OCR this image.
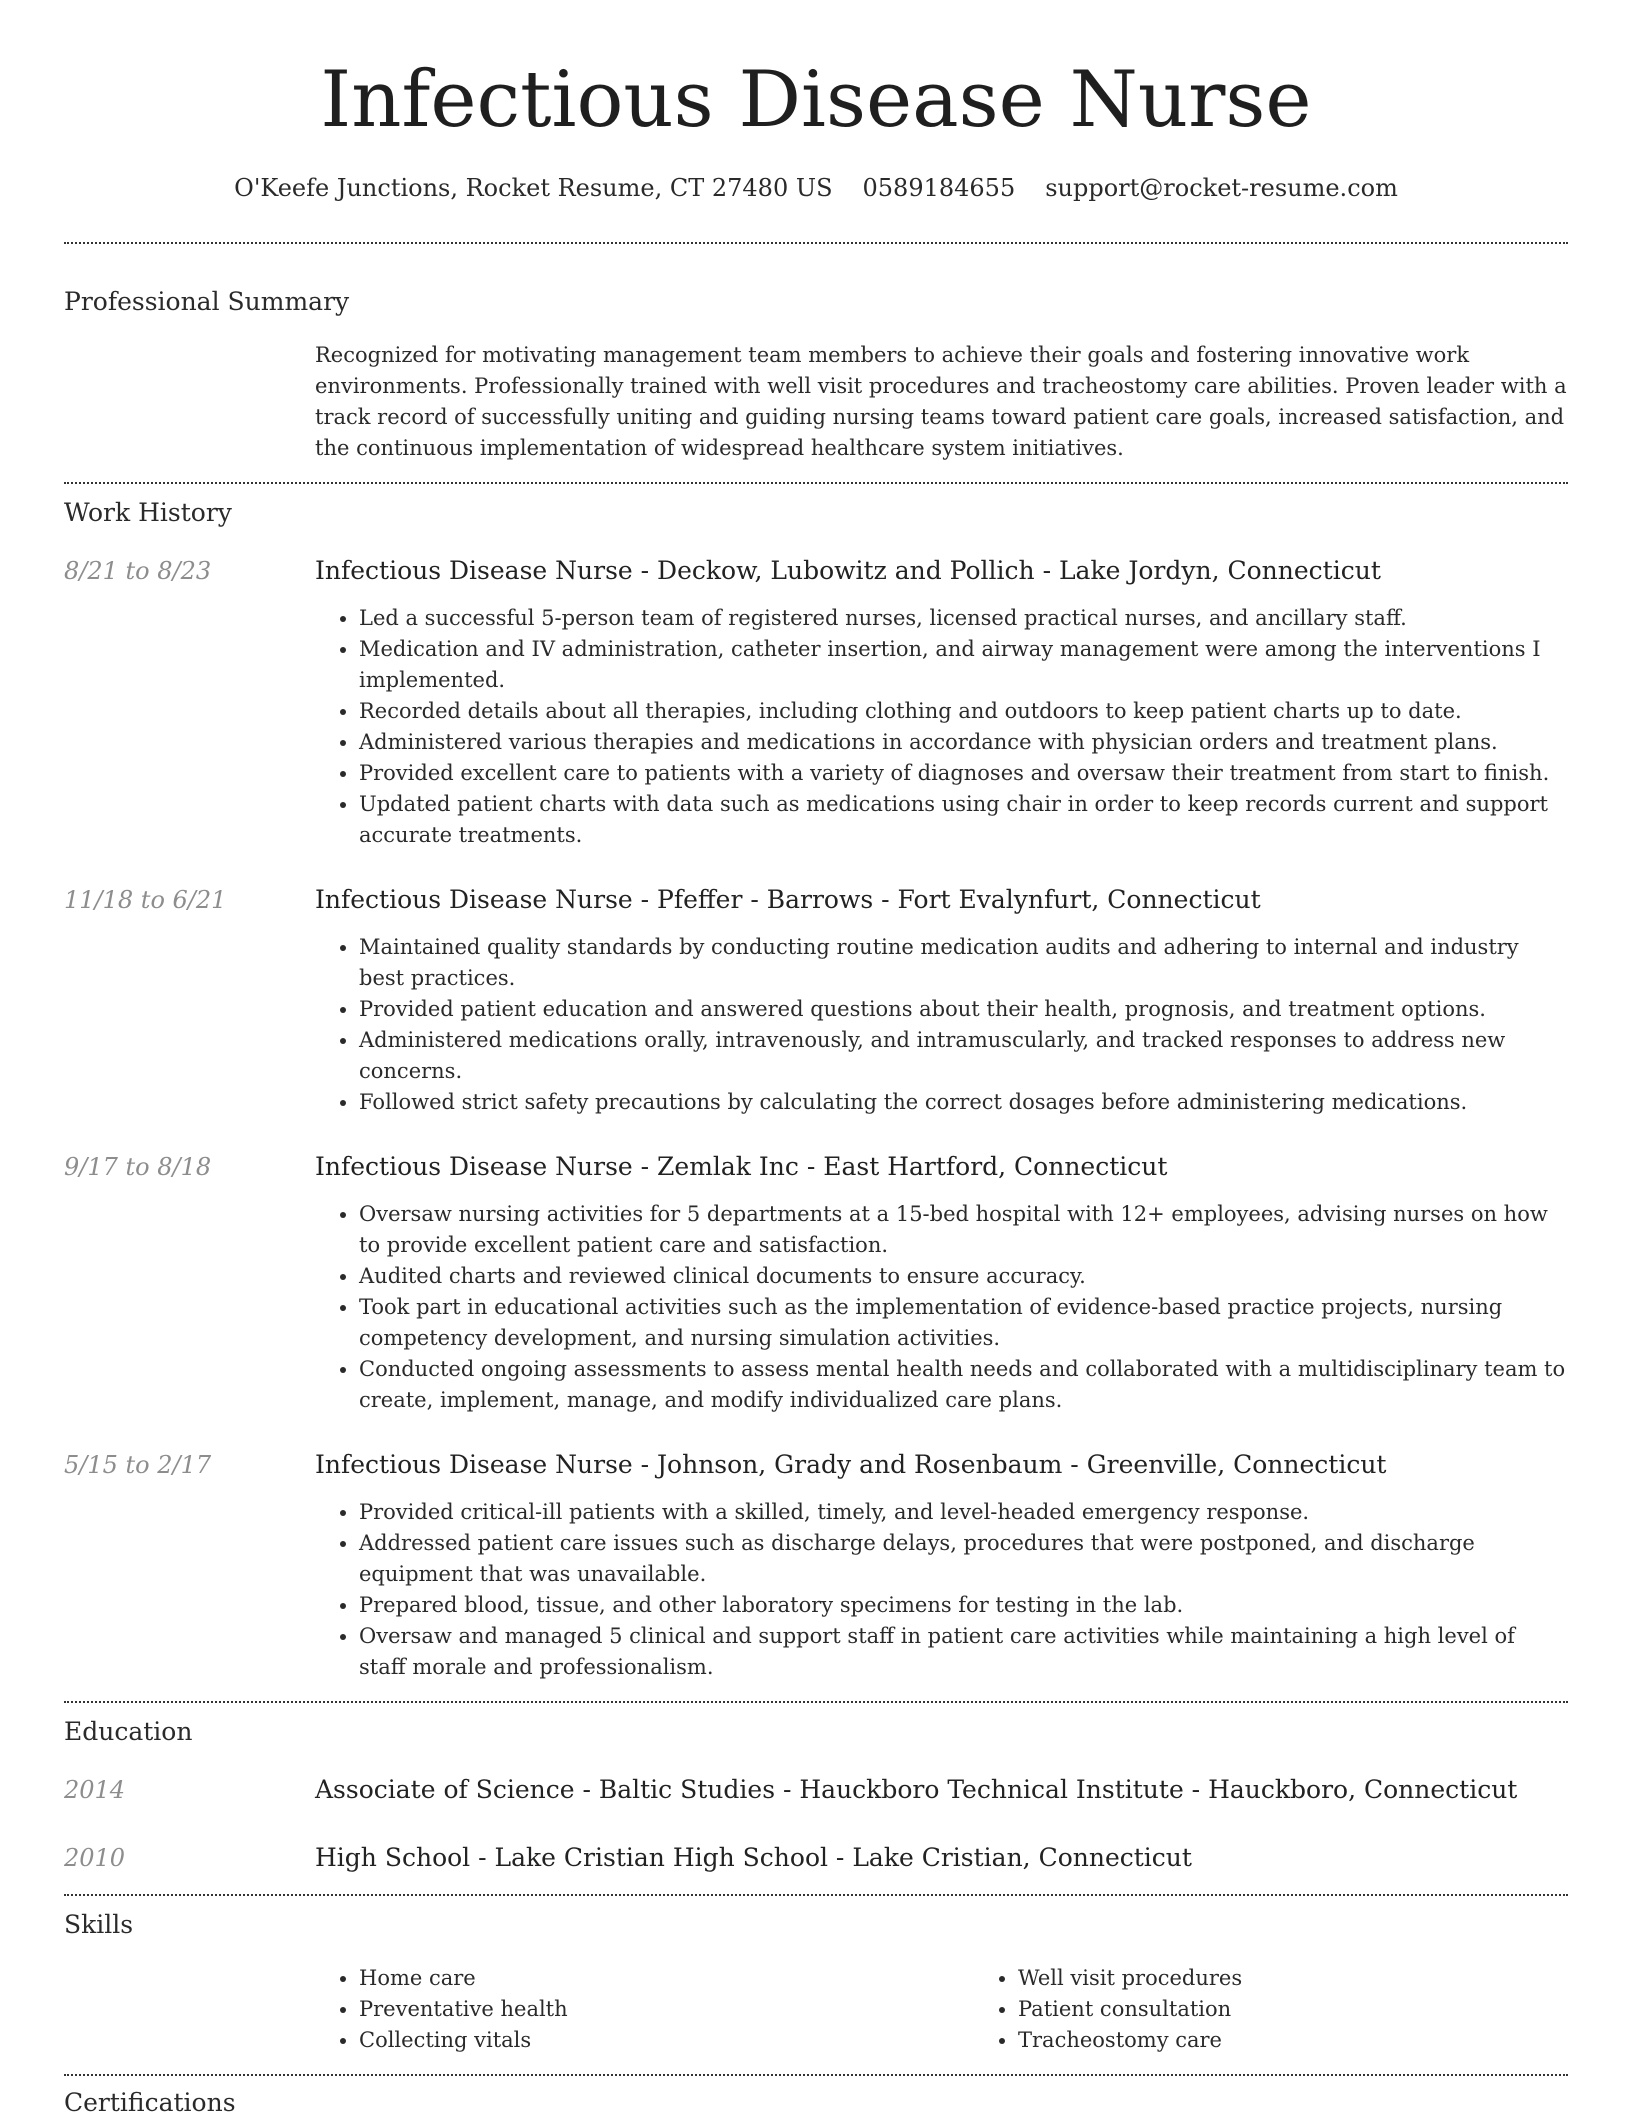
Infectious Disease Nurse
O'Keefe Junctions, Rocket Resume, CT 27480 US 0589184655 support@rocket-resume.com
Professional Summary

Recognized for motivating management team members to achieve their goals and fostering innovative work environments. Professionally trained with well visit procedures and tracheostomy care abilities. Proven leader with a track record of successfully uniting and guiding nursing teams toward patient care goals, increased satisfaction, and the continuous implementation of widespread healthcare system initiatives.

Work History
8/21 to 8/23	Infectious Disease Nurse - Deckow, Lubowitz and Pollich - Lake Jordyn, Connecticut
• Led a successful 5-person team of registered nurses, licensed practical nurses, and ancillary staff.
• Medication and IV administration, catheter insertion, and airway management were among the interventions I implemented.
• Recorded details about all therapies, including clothing and outdoors to keep patient charts up to date.
• Administered various therapies and medications in accordance with physician orders and treatment plans.
• Provided excellent care to patients with a variety of diagnoses and oversaw their treatment from start to finish.
• Updated patient charts with data such as medications using chair in order to keep records current and support accurate treatments.
11/18 to 6/21	Infectious Disease Nurse - Pfeffer - Barrows - Fort Evalynfurt, Connecticut
• Maintained quality standards by conducting routine medication audits and adhering to internal and industry best practices.
• Provided patient education and answered questions about their health, prognosis, and treatment options.
• Administered medications orally, intravenously, and intramuscularly, and tracked responses to address new concerns.
• Followed strict safety precautions by calculating the correct dosages before administering medications.
9/17 to 8/18	Infectious Disease Nurse - Zemlak Inc - East Hartford, Connecticut
• Oversaw nursing activities for 5 departments at a 15-bed hospital with 12+ employees, advising nurses on how to provide excellent patient care and satisfaction.
• Audited charts and reviewed clinical documents to ensure accuracy.
• Took part in educational activities such as the implementation of evidence-based practice projects, nursing competency development, and nursing simulation activities.
• Conducted ongoing assessments to assess mental health needs and collaborated with a multidisciplinary team to create, implement, manage, and modify individualized care plans.
5/15 to 2/17	Infectious Disease Nurse - Johnson, Grady and Rosenbaum - Greenville, Connecticut
• Provided critical-ill patients with a skilled, timely, and level-headed emergency response.
• Addressed patient care issues such as discharge delays, procedures that were postponed, and discharge equipment that was unavailable.
• Prepared blood, tissue, and other laboratory specimens for testing in the lab.
• Oversaw and managed 5 clinical and support staff in patient care activities while maintaining a high level of staff morale and professionalism.
Education
2014	Associate of Science - Baltic Studies - Hauckboro Technical Institute - Hauckboro, Connecticut
2010	High School - Lake Cristian High School - Lake Cristian, Connecticut
Skills
• Home care
• Preventative health
• Collecting vitals
• Well visit procedures
• Patient consultation
• Tracheostomy care
Certifications
